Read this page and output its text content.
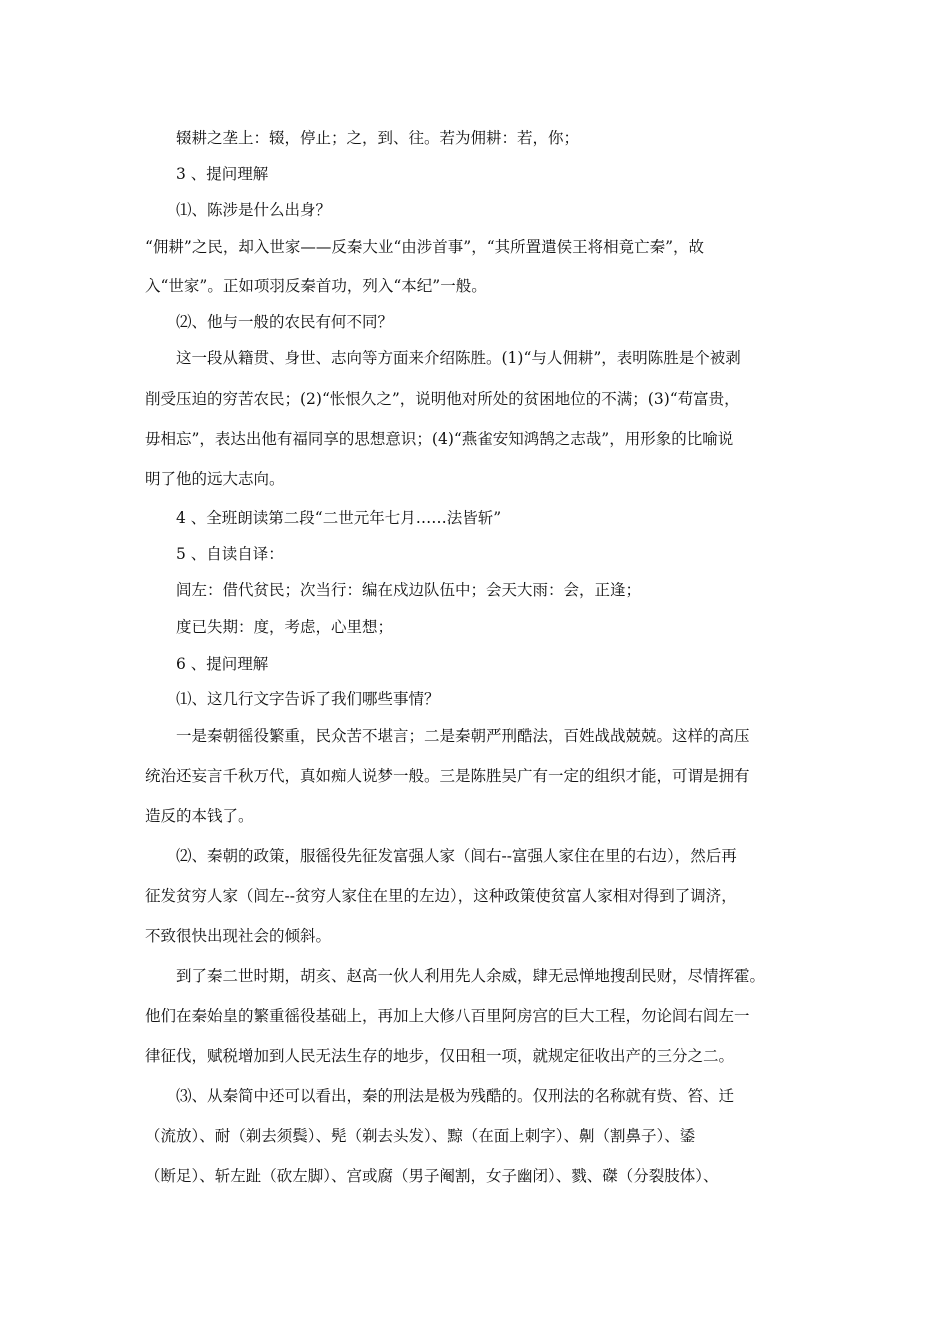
辍耕之垄上：辍，停止；之，到、往。若为佣耕：若，你；
3 、提问理解
⑴、陈涉是什么出身？
“佣耕”之民，却入世家——反秦大业“由涉首事”，“其所置遣侯王将相竟亡秦”，故
入“世家”。正如项羽反秦首功，列入“本纪”一般。
⑵、他与一般的农民有何不同？
这一段从籍贯、身世、志向等方面来介绍陈胜。(1)“与人佣耕”，表明陈胜是个被剥
削受压迫的穷苦农民；(2)“怅恨久之”，说明他对所处的贫困地位的不满；(3)“苟富贵，
毋相忘”，表达出他有福同享的思想意识；(4)“燕雀安知鸿鹄之志哉”，用形象的比喻说
明了他的远大志向。
4 、全班朗读第二段“二世元年七月……法皆斩”
5 、自读自译：
闾左：借代贫民；次当行：编在戍边队伍中；会天大雨：会，正逢；
度已失期：度，考虑，心里想；
6 、提问理解
⑴、这几行文字告诉了我们哪些事情？
一是秦朝徭役繁重，民众苦不堪言；二是秦朝严刑酷法，百姓战战兢兢。这样的高压
统治还妄言千秋万代，真如痴人说梦一般。三是陈胜吴广有一定的组织才能，可谓是拥有
造反的本钱了。
⑵、秦朝的政策，服徭役先征发富强人家（闾右--富强人家住在里的右边），然后再
征发贫穷人家（闾左--贫穷人家住在里的左边），这种政策使贫富人家相对得到了调济，
不致很快出现社会的倾斜。
到了秦二世时期，胡亥、赵高一伙人利用先人余威，肆无忌惮地搜刮民财，尽情挥霍。
他们在秦始皇的繁重徭役基础上，再加上大修八百里阿房宫的巨大工程，勿论闾右闾左一
律征伐，赋税增加到人民无法生存的地步，仅田租一项，就规定征收出产的三分之二。
⑶、从秦简中还可以看出，秦的刑法是极为残酷的。仅刑法的名称就有赀、笞、迁
（流放）、耐（剃去须鬓）、髡（剃去头发）、黥（在面上刺字）、劓（割鼻子）、鋈
（断足）、斩左趾（砍左脚）、宫或腐（男子阉割，女子幽闭）、戮、磔（分裂肢体）、
